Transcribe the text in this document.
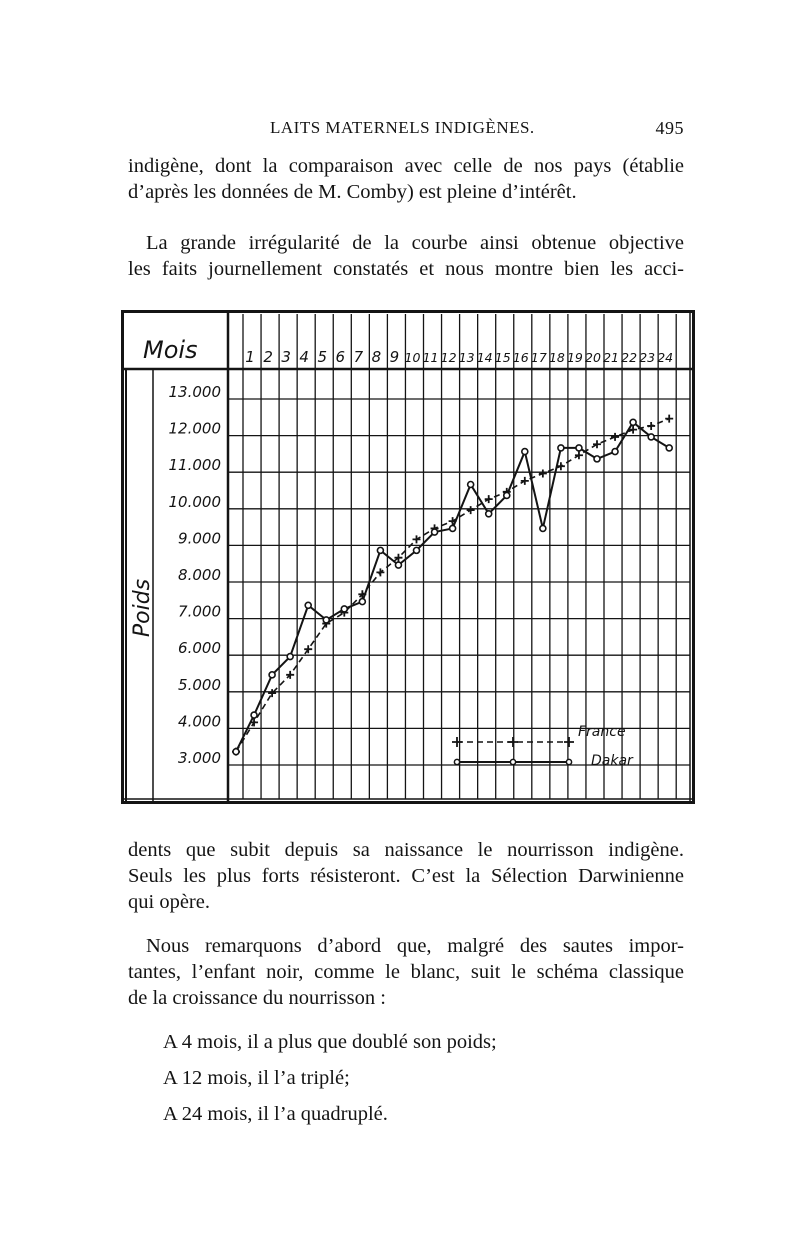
LAITS MATERNELS INDIGÈNES.	495

indigène, dont la comparaison avec celle de nos pays (établie
d’après les données de M. Comby) est pleine d’intérêt.

La grande irrégularité de la courbe ainsi obtenue objective
les faits journellement constatés et nous montre bien les acci-

Mois
Poids
1 2 3 4 5 6 7 8 9 10 11 12 13 14 15 16 17 18 19 20 21 22 23 24
3.000
4.000
5.000
6.000
7.000
8.000
9.000
10.000
11.000
12.000
13.000
France
Dakar

dents que subit depuis sa naissance le nourrisson indigène.
Seuls les plus forts résisteront. C’est la Sélection Darwinienne
qui opère.

Nous remarquons d’abord que, malgré des sautes impor-
tantes, l’enfant noir, comme le blanc, suit le schéma classique
de la croissance du nourrisson :

A 4 mois, il a plus que doublé son poids;
A 12 mois, il l’a triplé;
A 24 mois, il l’a quadruplé.
